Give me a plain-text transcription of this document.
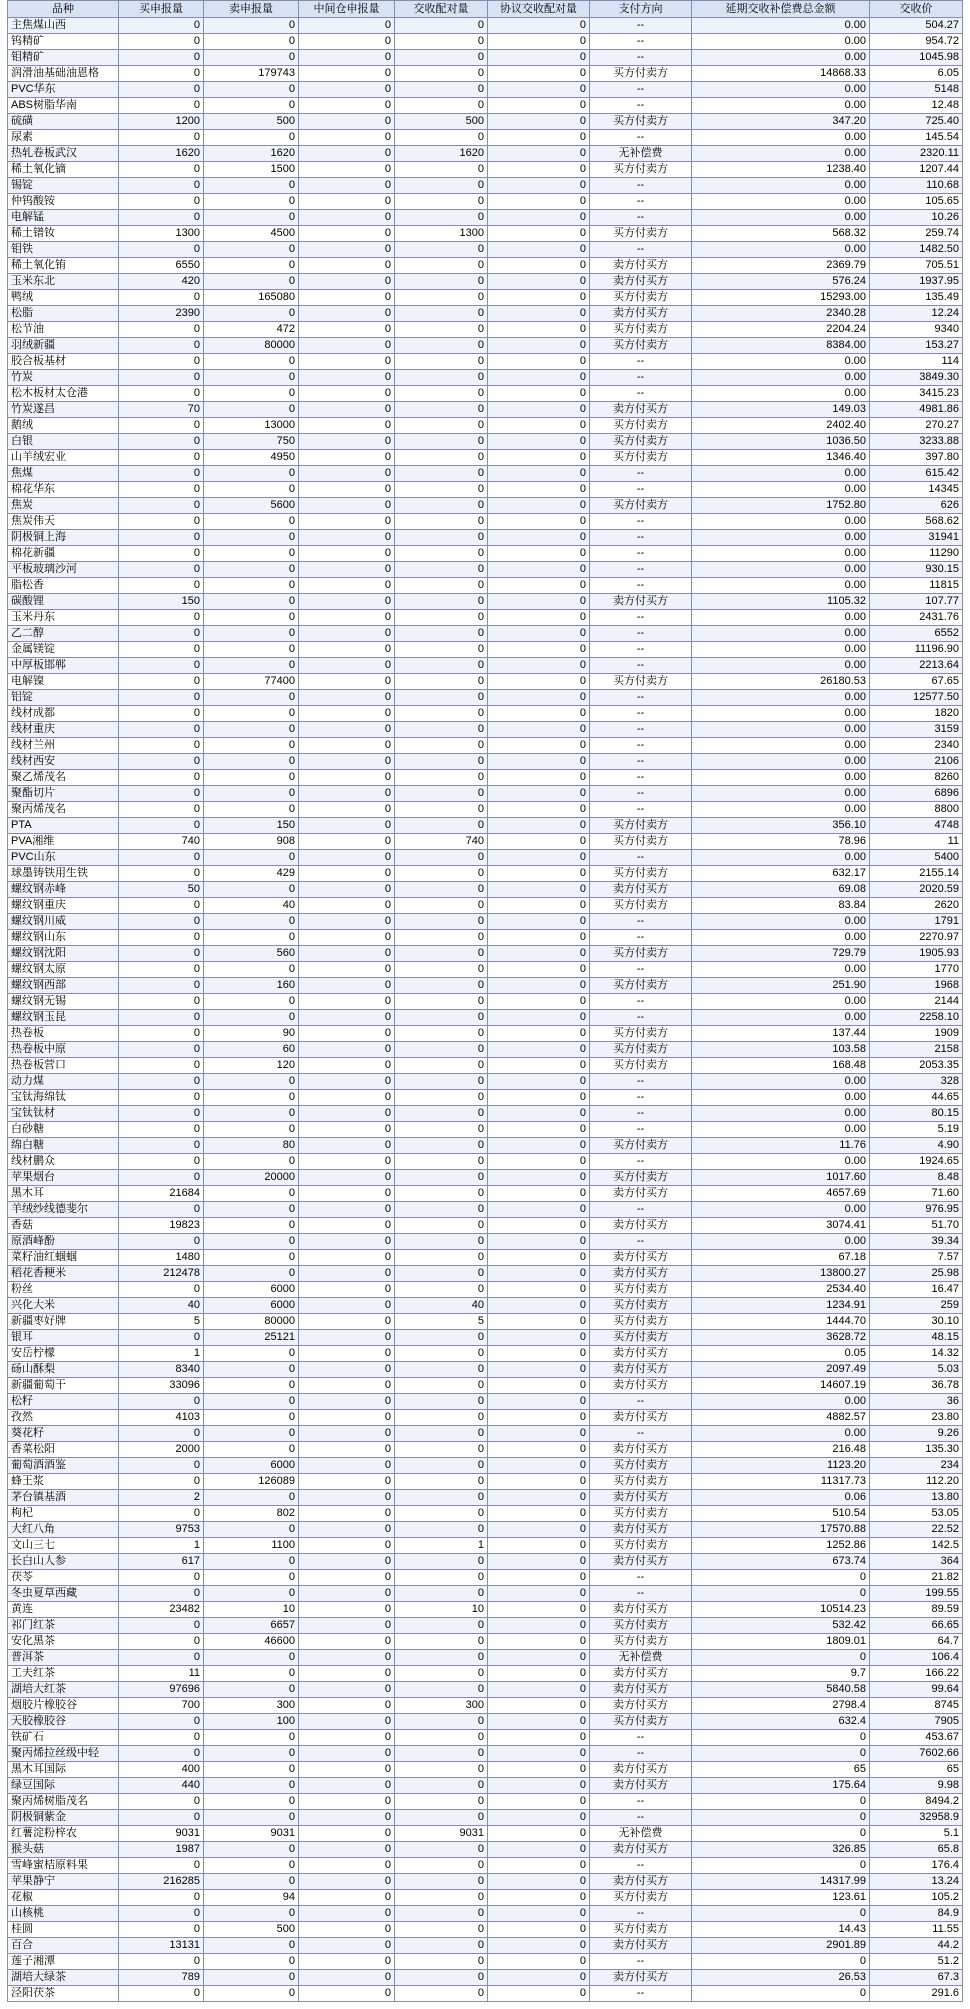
品种	买申报量	卖申报量	中间仓申报量	交收配对量	协议交收配对量	支付方向	延期交收补偿费总金额	交收价
主焦煤山西	0	0	0	0	0	--	0.00	504.27
钨精矿	0	0	0	0	0	--	0.00	954.72
钼精矿	0	0	0	0	0	--	0.00	1045.98
润滑油基础油恩格	0	179743	0	0	0	买方付卖方	14868.33	6.05
PVC华东	0	0	0	0	0	--	0.00	5148
ABS树脂华南	0	0	0	0	0	--	0.00	12.48
硫磺	1200	500	0	500	0	买方付卖方	347.20	725.40
尿素	0	0	0	0	0	--	0.00	145.54
热轧卷板武汉	1620	1620	0	1620	0	无补偿费	0.00	2320.11
稀土氧化镝	0	1500	0	0	0	买方付卖方	1238.40	1207.44
锡锭	0	0	0	0	0	--	0.00	110.68
仲钨酸铵	0	0	0	0	0	--	0.00	105.65
电解锰	0	0	0	0	0	--	0.00	10.26
稀土镨钕	1300	4500	0	1300	0	买方付卖方	568.32	259.74
钼铁	0	0	0	0	0	--	0.00	1482.50
稀土氧化铕	6550	0	0	0	0	卖方付买方	2369.79	705.51
玉米东北	420	0	0	0	0	卖方付买方	576.24	1937.95
鸭绒	0	165080	0	0	0	买方付卖方	15293.00	135.49
松脂	2390	0	0	0	0	卖方付买方	2340.28	12.24
松节油	0	472	0	0	0	买方付卖方	2204.24	9340
羽绒新疆	0	80000	0	0	0	买方付卖方	8384.00	153.27
胶合板基材	0	0	0	0	0	--	0.00	114
竹炭	0	0	0	0	0	--	0.00	3849.30
松木板材太仓港	0	0	0	0	0	--	0.00	3415.23
竹炭遂昌	70	0	0	0	0	卖方付买方	149.03	4981.86
鹅绒	0	13000	0	0	0	买方付卖方	2402.40	270.27
白银	0	750	0	0	0	买方付卖方	1036.50	3233.88
山羊绒宏业	0	4950	0	0	0	买方付卖方	1346.40	397.80
焦煤	0	0	0	0	0	--	0.00	615.42
棉花华东	0	0	0	0	0	--	0.00	14345
焦炭	0	5600	0	0	0	买方付卖方	1752.80	626
焦炭伟天	0	0	0	0	0	--	0.00	568.62
阴极铜上海	0	0	0	0	0	--	0.00	31941
棉花新疆	0	0	0	0	0	--	0.00	11290
平板玻璃沙河	0	0	0	0	0	--	0.00	930.15
脂松香	0	0	0	0	0	--	0.00	11815
碳酸锂	150	0	0	0	0	卖方付买方	1105.32	107.77
玉米丹东	0	0	0	0	0	--	0.00	2431.76
乙二醇	0	0	0	0	0	--	0.00	6552
金属镁锭	0	0	0	0	0	--	0.00	11196.90
中厚板邯郸	0	0	0	0	0	--	0.00	2213.64
电解镍	0	77400	0	0	0	买方付卖方	26180.53	67.65
铝锭	0	0	0	0	0	--	0.00	12577.50
线材成都	0	0	0	0	0	--	0.00	1820
线材重庆	0	0	0	0	0	--	0.00	3159
线材兰州	0	0	0	0	0	--	0.00	2340
线材西安	0	0	0	0	0	--	0.00	2106
聚乙烯茂名	0	0	0	0	0	--	0.00	8260
聚酯切片	0	0	0	0	0	--	0.00	6896
聚丙烯茂名	0	0	0	0	0	--	0.00	8800
PTA	0	150	0	0	0	买方付卖方	356.10	4748
PVA湘维	740	908	0	740	0	买方付卖方	78.96	11
PVC山东	0	0	0	0	0	--	0.00	5400
球墨铸铁用生铁	0	429	0	0	0	买方付卖方	632.17	2155.14
螺纹钢赤峰	50	0	0	0	0	卖方付买方	69.08	2020.59
螺纹钢重庆	0	40	0	0	0	买方付卖方	83.84	2620
螺纹钢川威	0	0	0	0	0	--	0.00	1791
螺纹钢山东	0	0	0	0	0	--	0.00	2270.97
螺纹钢沈阳	0	560	0	0	0	买方付卖方	729.79	1905.93
螺纹钢太原	0	0	0	0	0	--	0.00	1770
螺纹钢西部	0	160	0	0	0	买方付卖方	251.90	1968
螺纹钢无锡	0	0	0	0	0	--	0.00	2144
螺纹钢玉昆	0	0	0	0	0	--	0.00	2258.10
热卷板	0	90	0	0	0	买方付卖方	137.44	1909
热卷板中原	0	60	0	0	0	买方付卖方	103.58	2158
热卷板营口	0	120	0	0	0	买方付卖方	168.48	2053.35
动力煤	0	0	0	0	0	--	0.00	328
宝钛海绵钛	0	0	0	0	0	--	0.00	44.65
宝钛钛材	0	0	0	0	0	--	0.00	80.15
白砂糖	0	0	0	0	0	--	0.00	5.19
绵白糖	0	80	0	0	0	买方付卖方	11.76	4.90
线材鹏众	0	0	0	0	0	--	0.00	1924.65
苹果烟台	0	20000	0	0	0	买方付卖方	1017.60	8.48
黑木耳	21684	0	0	0	0	卖方付买方	4657.69	71.60
羊绒纱线德斐尔	0	0	0	0	0	--	0.00	976.95
香菇	19823	0	0	0	0	卖方付买方	3074.41	51.70
原酒峰酚	0	0	0	0	0	--	0.00	39.34
菜籽油红蝈蝈	1480	0	0	0	0	卖方付买方	67.18	7.57
稻花香粳米	212478	0	0	0	0	卖方付买方	13800.27	25.98
粉丝	0	6000	0	0	0	买方付卖方	2534.40	16.47
兴化大米	40	6000	0	40	0	买方付卖方	1234.91	259
新疆枣好牌	5	80000	0	5	0	买方付卖方	1444.70	30.10
银耳	0	25121	0	0	0	买方付卖方	3628.72	48.15
安岳柠檬	1	0	0	0	0	卖方付买方	0.05	14.32
砀山酥梨	8340	0	0	0	0	卖方付买方	2097.49	5.03
新疆葡萄干	33096	0	0	0	0	卖方付买方	14607.19	36.78
松籽	0	0	0	0	0	--	0.00	36
孜然	4103	0	0	0	0	卖方付买方	4882.57	23.80
葵花籽	0	0	0	0	0	--	0.00	9.26
香菜松阳	2000	0	0	0	0	卖方付买方	216.48	135.30
葡萄酒酒鉴	0	6000	0	0	0	买方付卖方	1123.20	234
蜂王浆	0	126089	0	0	0	买方付卖方	11317.73	112.20
茅台镇基酒	2	0	0	0	0	卖方付买方	0.06	13.80
枸杞	0	802	0	0	0	买方付卖方	510.54	53.05
大红八角	9753	0	0	0	0	卖方付买方	17570.88	22.52
文山三七	1	1100	0	1	0	买方付卖方	1252.86	142.5
长白山人参	617	0	0	0	0	卖方付买方	673.74	364
茯苓	0	0	0	0	0	--	0	21.82
冬虫夏草西藏	0	0	0	0	0	--	0	199.55
黄连	23482	10	0	10	0	卖方付买方	10514.23	89.59
祁门红茶	0	6657	0	0	0	买方付卖方	532.42	66.65
安化黑茶	0	46600	0	0	0	买方付卖方	1809.01	64.7
普洱茶	0	0	0	0	0	无补偿费	0	106.4
工夫红茶	11	0	0	0	0	卖方付买方	9.7	166.22
湖培大红茶	97696	0	0	0	0	卖方付买方	5840.58	99.64
烟胶片橡胶谷	700	300	0	300	0	卖方付买方	2798.4	8745
天胶橡胶谷	0	100	0	0	0	买方付卖方	632.4	7905
铁矿石	0	0	0	0	0	--	0	453.67
聚丙烯拉丝级中轻	0	0	0	0	0	--	0	7602.66
黑木耳国际	400	0	0	0	0	卖方付买方	65	65
绿豆国际	440	0	0	0	0	卖方付买方	175.64	9.98
聚丙烯树脂茂名	0	0	0	0	0	--	0	8494.2
阴极铜紫金	0	0	0	0	0	--	0	32958.9
红薯淀粉梓农	9031	9031	0	9031	0	无补偿费	0	5.1
猴头菇	1987	0	0	0	0	卖方付买方	326.85	65.8
雪峰蜜桔原料果	0	0	0	0	0	--	0	176.4
苹果静宁	216285	0	0	0	0	卖方付买方	14317.99	13.24
花椒	0	94	0	0	0	买方付卖方	123.61	105.2
山核桃	0	0	0	0	0	--	0	84.9
桂圆	0	500	0	0	0	买方付卖方	14.43	11.55
百合	13131	0	0	0	0	卖方付买方	2901.89	44.2
莲子湘潭	0	0	0	0	0	--	0	51.2
湖培大绿茶	789	0	0	0	0	卖方付买方	26.53	67.3
泾阳茯茶	0	0	0	0	0	--	0	291.6
